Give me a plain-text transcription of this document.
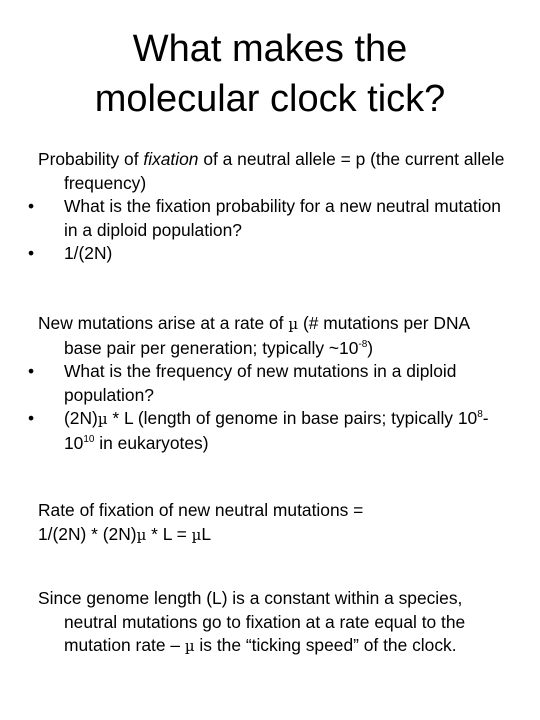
What makes the
molecular clock tick?

Probability of fixation of a neutral allele = p (the current allele frequency)

• What is the fixation probability for a new neutral mutation in a diploid population?

• 1/(2N)

New mutations arise at a rate of µ (# mutations per DNA base pair per generation; typically $\sim 10^{-8}$)

• What is the frequency of new mutations in a diploid population?

• (2N)µ * L (length of genome in base pairs; typically $10^8-10^{10}$ in eukaryotes)

Rate of fixation of new neutral mutations =
1/(2N) * (2N)µ * L = µL

Since genome length (L) is a constant within a species, neutral mutations go to fixation at a rate equal to the mutation rate – µ is the “ticking speed” of the clock.
